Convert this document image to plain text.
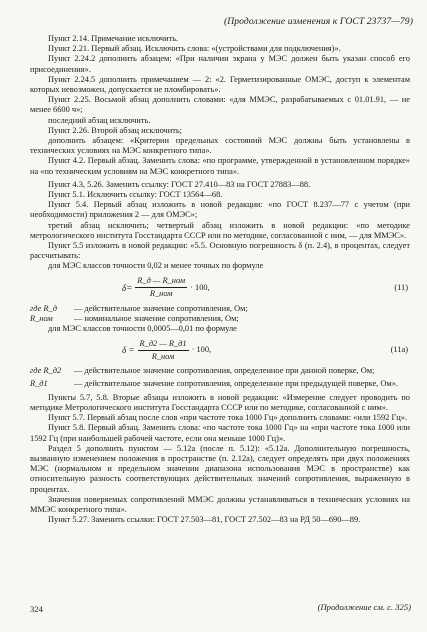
(Продолжение изменения к ГОСТ 23737—79)

Пункт 2.14. Примечание исключить.

Пункт 2.21. Первый абзац. Исключить слова: «(устройствами для подключения)».

Пункт 2.24.2 дополнить абзацем: «При наличии экрана у МЭС должен быть указан способ его присоединения».

Пункт 2.24.5 дополнить примечанием — 2: «2. Герметизированные ОМЭС, доступ к элементам которых невозможен, допускается не пломбировать».

Пункт 2.25. Восьмой абзац дополнить словами: «для ММЭС, разрабатываемых с 01.01.91, — не менее 6600 ч»;

последний абзац исключить.

Пункт 2.26. Второй абзац исключить;

дополнить абзацем: «Критерии предельных состояний МЭС должны быть установлены в технических условиях на МЭС конкретного типа».

Пункт 4.2. Первый абзац. Заменить слова: «по программе, утвержденной в установленном порядке» на «по техническим условиям на МЭС конкретного типа».

Пункт 4.3, 5.26. Заменить ссылку: ГОСТ 27.410—83 на ГОСТ 27883—88.

Пункт 5.1. Исключить ссылку: ГОСТ 13564—68.

Пункт 5.4. Первый абзац изложить в новой редакции: «по ГОСТ 8.237—77 с учетом (при необходимости) приложения 2 — для ОМЭС»;

третий абзац исключить; четвертый абзац изложить в новой редакции: «по методике метрологического института Госстандарта СССР или по методике, согласованной с ним, — для ММЭС».

Пункт 5.5 изложить в новой редакции: «5.5. Основную погрешность δ (п. 2.4), в процентах, следует рассчитывать:

для МЭС классов точности 0,02 и менее точных по формуле

$\delta= \frac{\text{R\_д — R\_ном}}{\text{R\_ном}} \cdot 100$,	(11)
где R_д	— действительное значение сопротивления, Ом;
R_ном	— номинальное значение сопротивления, Ом;

для МЭС классов точности 0,0005—0,01 по формуле

$\delta = \frac{R\_д2 — R\_д1}{\text{R\_ном}} \cdot 100$,	(11а)
где R_д2	— действительное значение сопротивления, определенное при данной поверке, Ом;
R_д1	— действительное значение сопротивления, определенное при предыдущей поверке, Ом».

Пункты 5.7, 5.8. Вторые абзацы изложить в новой редакции: «Измерение следует проводить по методике Метрологического института Госстандарта СССР или по методике, согласованной с ним».

Пункт 5.7. Первый абзац после слов «при частоте тока 1000 Гц» дополнить словами: «или 1592 Гц».

Пункт 5.8. Первый абзац. Заменить слова: «по частоте тока 1000 Гц» на «при частоте тока 1000 или 1592 Гц (при наибольшей рабочей частоте, если она меньше 1000 Гц)».

Раздел 5 дополнить пунктом — 5.12а (после п. 5.12): «5.12а. Дополнительную погрешность, вызванную изменением положения в пространстве (п. 2.12а), следует определять при двух положениях МЭС (нормальном и предельном значении диапазона использования МЭС в пространстве) как относительную разность соответствующих действительных значений сопротивления, выраженную в процентах.

Значения поверяемых сопротивлений ММЭС должны устанавливаться в технических условиях на ММЭС конкретного типа».

Пункт 5.27. Заменить ссылки: ГОСТ 27.503—81, ГОСТ 27.502—83 на РД 50—690—89.

324	(Продолжение см. с. 325)
